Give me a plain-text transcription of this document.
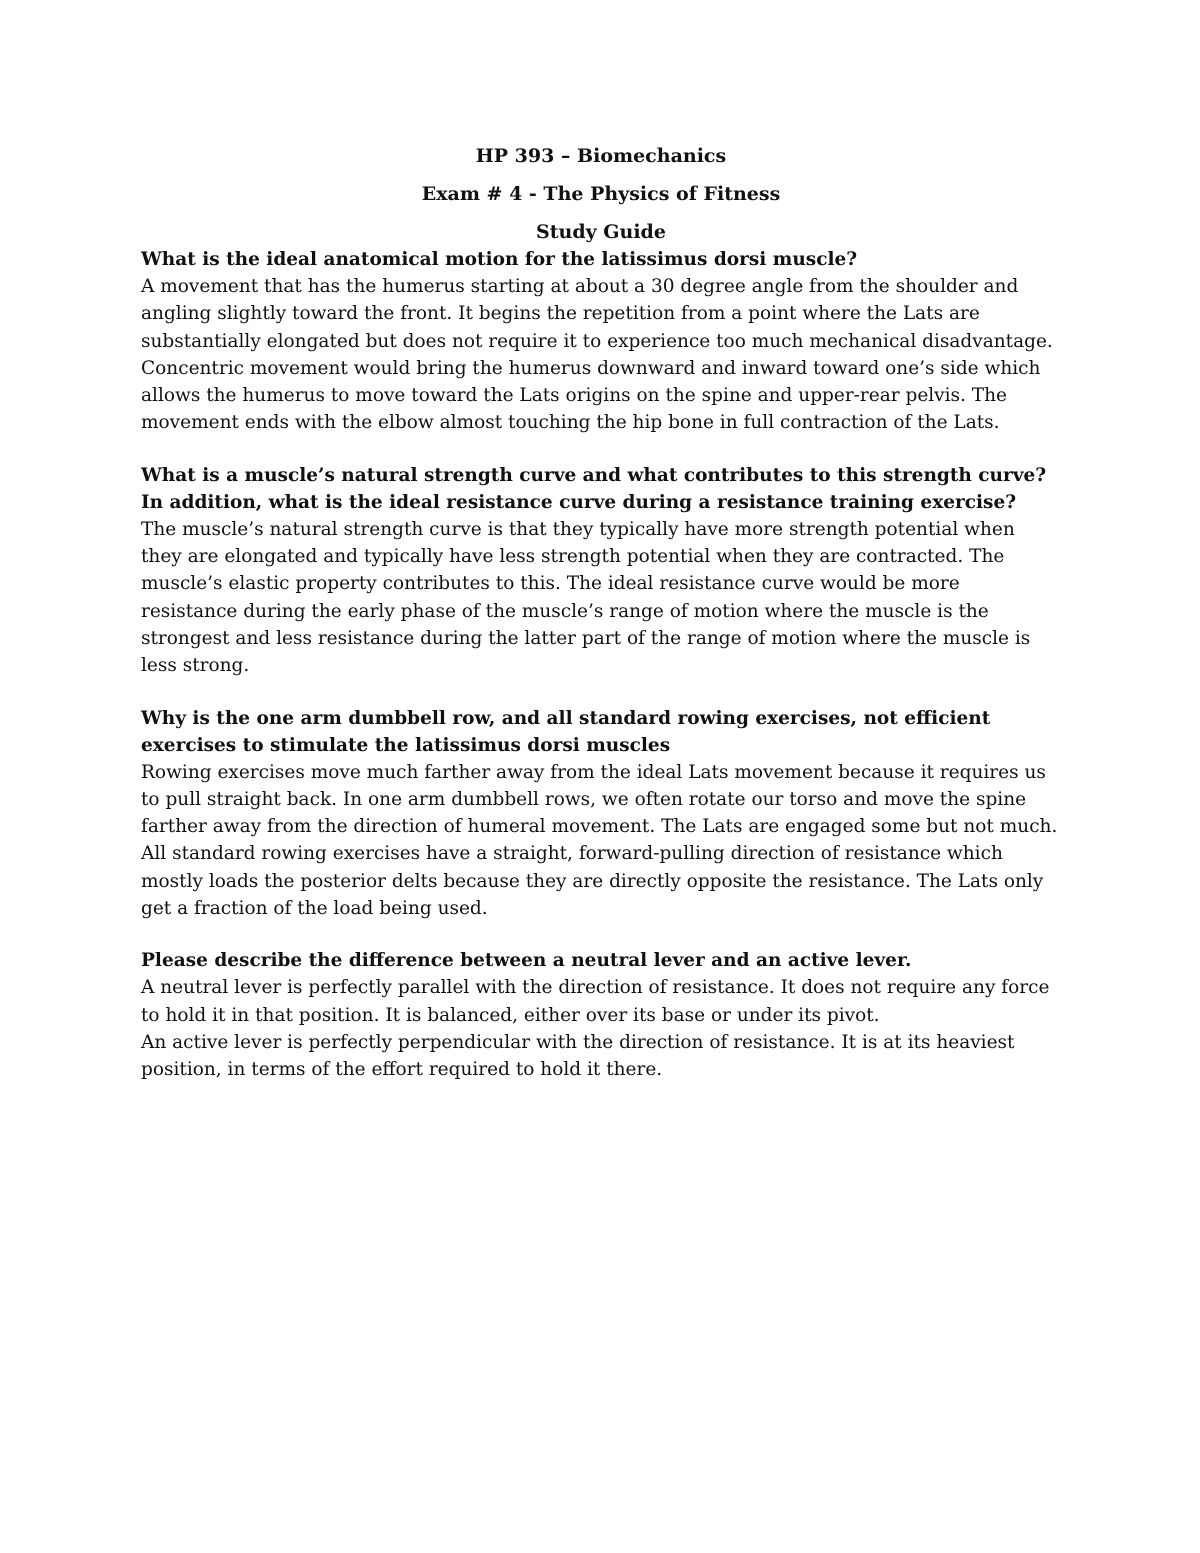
HP 393 – Biomechanics
Exam # 4 - The Physics of Fitness
Study Guide

What is the ideal anatomical motion for the latissimus dorsi muscle?

A movement that has the humerus starting at about a 30 degree angle from the shoulder and angling slightly toward the front. It begins the repetition from a point where the Lats are substantially elongated but does not require it to experience too much mechanical disadvantage. Concentric movement would bring the humerus downward and inward toward one’s side which allows the humerus to move toward the Lats origins on the spine and upper-rear pelvis. The movement ends with the elbow almost touching the hip bone in full contraction of the Lats.

What is a muscle’s natural strength curve and what contributes to this strength curve? In addition, what is the ideal resistance curve during a resistance training exercise?

The muscle’s natural strength curve is that they typically have more strength potential when they are elongated and typically have less strength potential when they are contracted. The muscle’s elastic property contributes to this. The ideal resistance curve would be more resistance during the early phase of the muscle’s range of motion where the muscle is the strongest and less resistance during the latter part of the range of motion where the muscle is less strong.

Why is the one arm dumbbell row, and all standard rowing exercises, not efficient exercises to stimulate the latissimus dorsi muscles

Rowing exercises move much farther away from the ideal Lats movement because it requires us to pull straight back. In one arm dumbbell rows, we often rotate our torso and move the spine farther away from the direction of humeral movement. The Lats are engaged some but not much. All standard rowing exercises have a straight, forward-pulling direction of resistance which mostly loads the posterior delts because they are directly opposite the resistance. The Lats only get a fraction of the load being used.

Please describe the difference between a neutral lever and an active lever.

A neutral lever is perfectly parallel with the direction of resistance. It does not require any force to hold it in that position. It is balanced, either over its base or under its pivot.

An active lever is perfectly perpendicular with the direction of resistance. It is at its heaviest position, in terms of the effort required to hold it there.
